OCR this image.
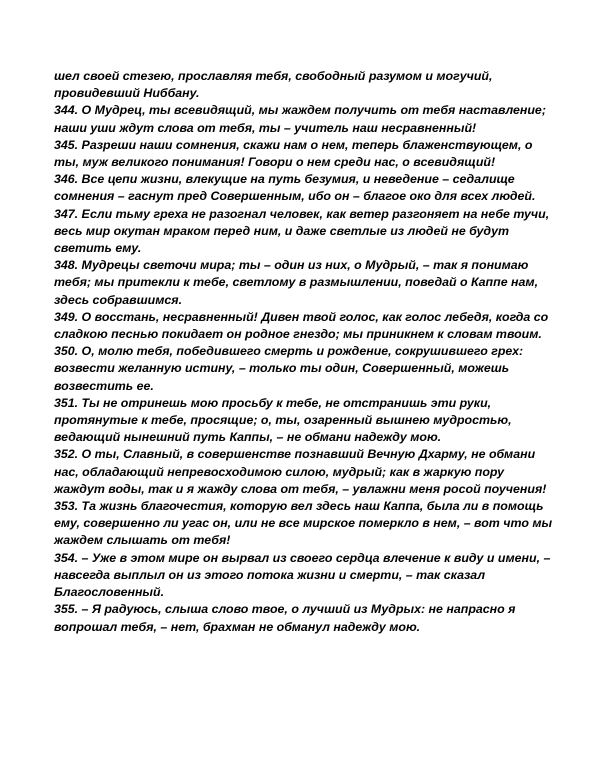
шел своей стезею, прославляя тебя, свободный разумом и могучий, провидевший Ниббану.

344. О Мудрец, ты всевидящий, мы жаждем получить от тебя наставление; наши уши ждут слова от тебя, ты – учитель наш несравненный!

345. Разреши наши сомнения, скажи нам о нем, теперь блаженствующем, о ты, муж великого понимания! Говори о нем среди нас, о всевидящий!

346. Все цепи жизни, влекущие на путь безумия, и неведение – седалище сомнения – гаснут пред Совершенным, ибо он – благое око для всех людей.

347. Если тьму греха не разогнал человек, как ветер разгоняет на небе тучи, весь мир окутан мраком перед ним, и даже светлые из людей не будут светить ему.

348. Мудрецы светочи мира; ты – один из них, о Мудрый, – так я понимаю тебя; мы притекли к тебе, светлому в размышлении, поведай о Каппе нам, здесь собравшимся.

349. О восстань, несравненный! Дивен твой голос, как голос лебедя, когда со сладкою песнью покидает он родное гнездо; мы приникнем к словам твоим.

350. О, молю тебя, победившего смерть и рождение, сокрушившего грех: возвести желанную истину, – только ты один, Совершенный, можешь возвестить ее.

351. Ты не отринешь мою просьбу к тебе, не отстранишь эти руки, протянутые к тебе, просящие; о, ты, озаренный вышнею мудростью, ведающий нынешний путь Каппы, – не обмани надежду мою.

352. О ты, Славный, в совершенстве познавший Вечную Дхарму, не обмани нас, обладающий непревосходимою силою, мудрый; как в жаркую пору жаждут воды, так и я жажду слова от тебя, – увлажни меня росой поучения!

353. Та жизнь благочестия, которую вел здесь наш Каппа, была ли в помощь ему, совершенно ли угас он, или не все мирское померкло в нем, – вот что мы жаждем слышать от тебя!

354. – Уже в этом мире он вырвал из своего сердца влечение к виду и имени, – навсегда выплыл он из этого потока жизни и смерти, – так сказал Благословенный.

355. – Я радуюсь, слыша слово твое, о лучший из Мудрых: не напрасно я вопрошал тебя, – нет, брахман не обманул надежду мою.
